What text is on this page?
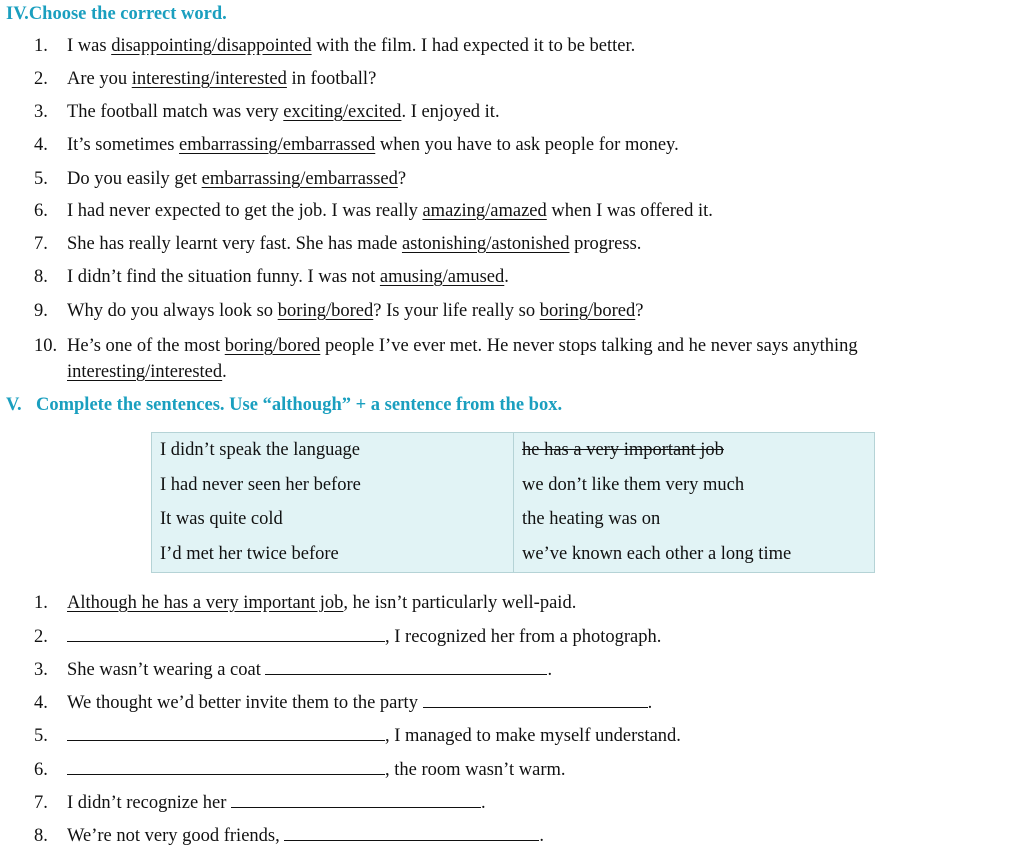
IV.Choose the correct word.
1. I was disappointing/disappointed with the film. I had expected it to be better.
2. Are you interesting/interested in football?
3. The football match was very exciting/excited. I enjoyed it.
4. It’s sometimes embarrassing/embarrassed when you have to ask people for money.
5. Do you easily get embarrassing/embarrassed?
6. I had never expected to get the job. I was really amazing/amazed when I was offered it.
7. She has really learnt very fast. She has made astonishing/astonished progress.
8. I didn’t find the situation funny. I was not amusing/amused.
9. Why do you always look so boring/bored? Is your life really so boring/bored?
10. He’s one of the most boring/bored people I’ve ever met. He never stops talking and he never says anything
interesting/interested.
V. Complete the sentences. Use “although” + a sentence from the box.
I didn’t speak the language	he has a very important job
I had never seen her before	we don’t like them very much
It was quite cold	the heating was on
I’d met her twice before	we’ve known each other a long time
1. Although he has a very important job, he isn’t particularly well-paid.
2.	, I recognized her from a photograph.
3. She wasn’t wearing a coat	.
4. We thought we’d better invite them to the party	.
5.	, I managed to make myself understand.
6.	, the room wasn’t warm.
7. I didn’t recognize her	.
8. We’re not very good friends,	.
